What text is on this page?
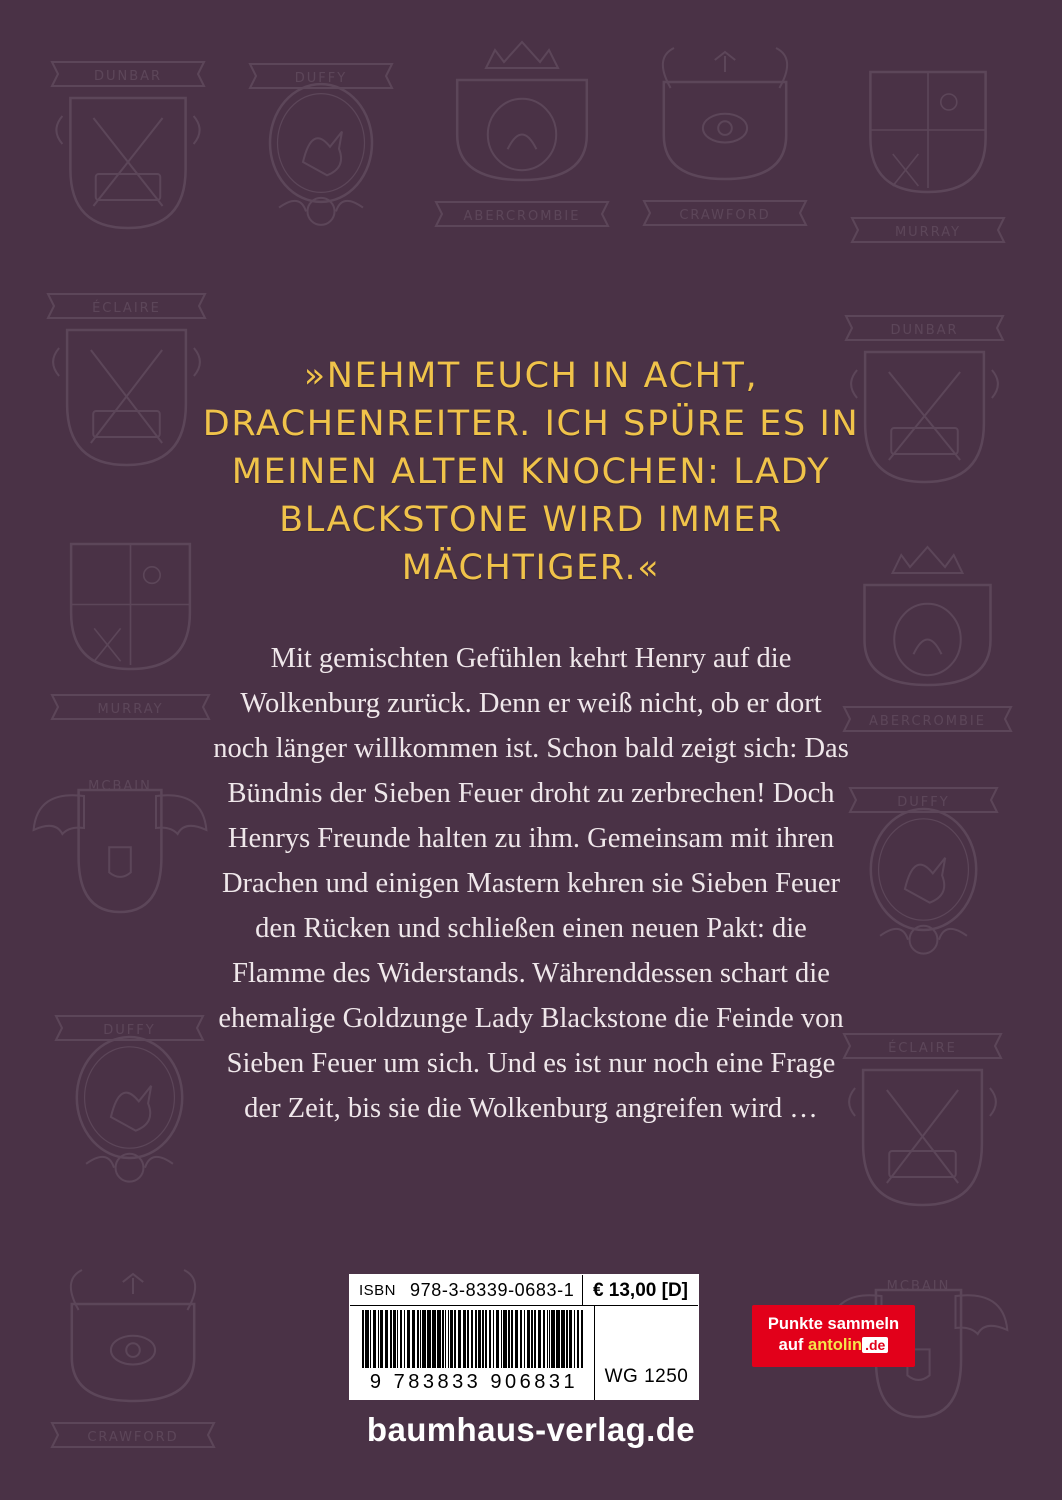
DUNBAR	DUFFY
ABERCROMBIE	CRAWFORD
MURRAY
ÉCLAIRE
DUNBAR
MURRAY
ABERCROMBIE
MCBAIN
DUFFY
DUFFY
ÉCLAIRE
CRAWFORD
MCBAIN
»NEHMT EUCH IN ACHT, DRACHENREITER. ICH SPÜRE ES IN MEINEN ALTEN KNOCHEN: LADY BLACKSTONE WIRD IMMER MÄCHTIGER.«

Mit gemischten Gefühlen kehrt Henry auf die Wolkenburg zurück. Denn er weiß nicht, ob er dort noch länger willkommen ist. Schon bald zeigt sich: Das Bündnis der Sieben Feuer droht zu zerbrechen! Doch Henrys Freunde halten zu ihm. Gemeinsam mit ihren Drachen und einigen Mastern kehren sie Sieben Feuer den Rücken und schließen einen neuen Pakt: die Flamme des Widerstands. Währenddessen schart die ehemalige Goldzunge Lady Blackstone die Feinde von Sieben Feuer um sich. Und es ist nur noch eine Frage der Zeit, bis sie die Wolkenburg angreifen wird …

ISBN 978-3-8339-0683-1 € 13,00 [D]
9 783833 906831	WG 1250
Punkte sammeln
auf antolin .de
baumhaus-verlag.de
